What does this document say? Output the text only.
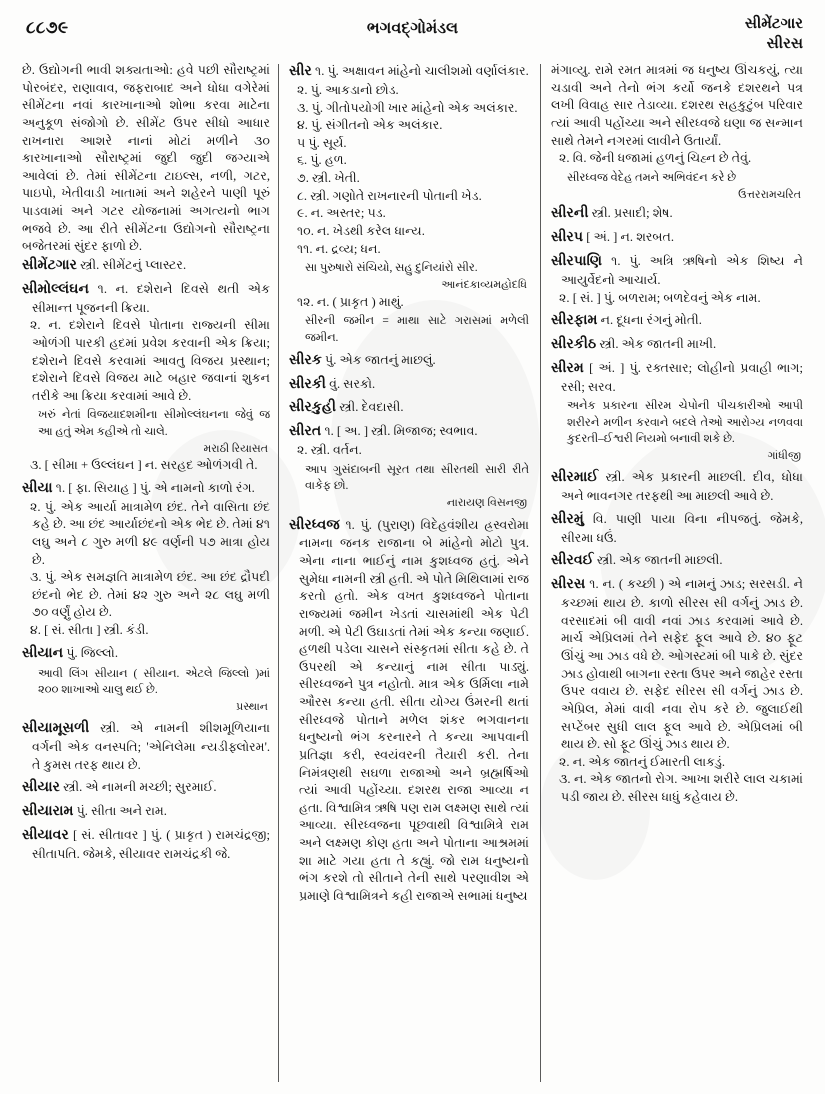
૮૮૭૯	ભગવદ્ગોમંડલ	સીમેંટગાર
સીરસ

છે. ઉદ્યોગની ભાવી શક્યતાઓ: હવે પછી સૌરાષ્ટ્રમાં પોરબંદર, રાણાવાવ, જફરાબાદ અને ધોધા વગેરેમાં સીમેંટના નવાં કારખાનાઓ શોભા કરવા માટેના અનુકૂળ સંજોગો છે. સીમેંટ ઉપર સીધો આધાર રાખનારા આશરે નાનાં મોટાં મળીને ૩૦ કારખાનાઓ સૌરાષ્ટ્રમાં જુદી જુદી જગ્યાએ આવેલાં છે. તેમાં સીમેંટના ટાઇલ્સ, નળી, ગટર, પાઇપો, ખેતીવાડી ખાતામાં અને શહેરને પાણી પૂરું પાડવામાં અને ગટર યોજનામાં અગત્યનો ભાગ ભજવે છે. આ રીતે સીમેંટના ઉદ્યોગનો સૌરાષ્ટ્રના બજેતરમાં સુંદર ફાળો છે.

સીમેંટગાર સ્ત્રી. સીમેંટનું પ્લાસ્ટર.

સીમોલ્લંઘન ૧. ન. દશેરાને દિવસે થતી એક સીમાન્ત પૂજનની ક્રિયા.

૨. ન. દશેરાને દિવસે પોતાના રાજ્યની સીમા ઓળંગી પારકી હદમાં પ્રવેશ કરવાની એક ક્રિયા; દશેરાને દિવસે કરવામાં આવતુ વિજય પ્રસ્થાન; દશેરાને દિવસે વિજય માટે બહાર જવાનાં શુકન તરીકે આ ક્રિયા કરવામાં આવે છે.

ખરું નેતાં વિજયાદશમીના સીમોલ્લંઘનના જેવું જ આ હતું એમ કહીએ તો ચાલે.
મરાઠી રિયાસત

૩. [ સીમા + ઉલ્લંઘન ] ન. સરહદ ઓળંગવી તે.

સીયા ૧. [ ફા. સિયાહ ] પું. એ નામનો કાળો રંગ.

૨. પું. એક આર્યા માત્રામેળ છંદ. તેને વાસિતા છંદ કહે છે. આ છંદ આર્યાછંદનો એક ભેદ છે. તેમાં ૪૧ લઘુ અને ૮ ગુરુ મળી ૪૯ વર્ણની ૫૭ માત્રા હોય છે.

૩. પું. એક સમજ્ઞતિ માત્રામેળ છંદ. આ છંદ દ્રૌપદી છંદનો ભેદ છે. તેમાં ૪૨ ગુરુ અને ૨૮ લઘુ મળી ૭૦ વર્ણું હોય છે.

૪. [ સં. સીતા ] સ્ત્રી. કંડી.

સીયાન પું. જિલ્લો.

આવી લિંગ સીયાન ( સીયાન. એટલે જિલ્લો )માં ૨૦૦ શાખાઓ ચાલુ થઈ છે.
પ્રસ્થાન

સીયામૂસળી સ્ત્રી. એ નામની શીશમૂળિયાના વર્ગની એક વનસ્પતિ; 'એનિલેમા ન્યડીફ્લોરમ'. તે કુમસ તરફ થાય છે.

સીયાર સ્ત્રી. એ નામની મચ્છી; સુરમાઈ.

સીયારામ પું. સીતા અને રામ.

સીયાવર [ સં. સીતાવર ] પું. ( પ્રાકૃત ) રામચંદ્રજી; સીતાપતિ. જેમકે, સીયાવર રામચંદ્રકી જે.

સીર ૧. પું. અક્ષાવન માંહેનો ચાલીશમો વર્ણાલંકાર.

૨. પું. આકડાનો છોડ.

૩. પું. ગીતોપયોગી ખાર માંહેનો એક અલંકાર.

૪. પું. સંગીતનો એક અલંકાર.

૫ પું. સૂર્ય.

૬. પું. હળ.

૭. સ્ત્રી. ખેતી.

૮. સ્ત્રી. ગણોતે રાખનારની પોતાની ખેડ.

૯. ન. અસ્તર; ૫ડ.

૧૦. ન. ખેડથી કરેલ ધાન્ય.

૧૧. ન. દ્રવ્ય; ધન.

સા પુરુષારો સંચિયો, સહુ દુનિયાંરો સીર.
આનંદકાવ્યમહોદધિ

૧૨. ન. ( પ્રાકૃત ) માથું.

સીરની જમીન = માથા સાટે ગરાસમાં મળેલી જમીન.

સીરક પું. એક જાતનું માછલું.

સીરકી વું. સરકો.

સીરકુહી સ્ત્રી. દેવદાસી.

સીરત ૧. [ અ. ] સ્ત્રી. મિજાજ; સ્વભાવ.

૨. સ્ત્રી. વર્તન.

આપ ગુસંદાબની સૂરત તથા સીરતથી સારી રીતે વાકેફ છો.
નારાયણ વિસનજી

સીરધ્વજ ૧. પું. (પુરાણ) વિદેહવંશીય હ્રસ્વરોમા નામના જનક રાજાના બે માંહેનો મોટો પુત્ર. એના નાના ભાઈનું નામ કુશધ્વજ હતું. એને સુમેધા નામની સ્ત્રી હતી. એ પોતે મિથિલામાં રાજ કરતો હતો. એક વખત કુશધ્વજને પોતાના રાજ્યમાં જમીન ખેડતાં ચાસમાંથી એક પેટી મળી. એ પેટી ઉઘાડતાં તેમાં એક કન્યા જણાઈ. હળથી પડેલા ચાસને સંસ્કૃતમાં સીતા કહે છે. તે ઉપરથી એ કન્યાનું નામ સીતા પાડ્યું. સીરધ્વજને પુત્ર નહોતો. માત્ર એક ઉર્મિલા નામે ઔરસ કન્યા હતી. સીતા યોગ્ય ઉંમરની થતાં સીરધ્વજે પોતાને મળેલ શંકર ભગવાનના ધનુષ્યનો ભંગ કરનારને તે કન્યા આપવાની પ્રતિજ્ઞા કરી, સ્વયંવરની તૈયારી કરી. તેના નિમંત્રણથી સઘળા રાજાઓ અને બ્રહ્મર્ષિઓ ત્યાં આવી પહોંચ્યા. દશરથ રાજા આવ્યા ન હતા. વિશ્વામિત્ર ઋષિ પણ રામ લક્ષ્મણ સાથે ત્યાં આવ્યા. સીરધ્વજના પૂછવાથી વિશ્વામિત્રે રામ અને લક્ષ્મણ કોણ હતા અને પોતાના આશ્રમમાં શા માટે ગયા હતા તે કહ્યું. જો રામ ધનુષ્યનો ભંગ કરશે તો સીતાને તેની સાથે પરણાવીશ એ પ્રમાણે વિશ્વામિત્રને કહી રાજાએ સભામાં ધનુષ્ય

મંગાવ્યુ. રામે રમત માત્રમાં જ ધનુષ્ય ઊંચકયું, ત્યા ચડાવી અને તેનો ભંગ કર્યો જનકે દશરથને પત્ર લખી વિવાહ સાર તેડાવ્યા. દશરથ સહકુટુંબ પરિવાર ત્યાં આવી પહોંચ્યા અને સીરધ્વજે ઘણા જ સન્માન સાથે તેમને નગરમાં લાવીને ઉતાર્યાં.

૨. વિ. જેની ધજામાં હળનું ચિહ્ન છે તેવું.

સીરધ્વજ વેદેહ તમને અભિવંદન કરે છે
ઉત્તરરામચરિત

સીરની સ્ત્રી. પ્રસાદી; શેષ.

સીરપ [ અં. ] ન. શરબત.

સીરપાણિ ૧. પું. અત્રિ ઋષિનો એક શિષ્ય ને આયુર્વેદનો આચાર્ય.

૨. [ સં. ] પું. બળરામ; બળદેવનું એક નામ.

સીરફામ ન. દૂધના રંગનું મોતી.

સીરકીઠ સ્ત્રી. એક જાતની માખી.

સીરમ [ અં. ] પું. રક્તસાર; લોહીનો પ્રવાહી ભાગ; રસી; સરવ.

અનેક પ્રકારના સીરમ ચેપોની પીચકારીઓ આપી શરીરને મળીન કરવાને બદલે તેઓ આરોગ્ય નળવવા કુદરતી–ઈશ્વરી નિયમો બનાવી શકે છે.
ગાંધીજી

સીરમાઈ સ્ત્રી. એક પ્રકારની માછલી. દીવ, ધોધા અને ભાવનગર તરફથી આ માછલી આવે છે.

સીરમું વિ. પાણી પાયા વિના નીપજતું. જેમકે, સીરમા ધઉં.

સીરવઈ સ્ત્રી. એક જાતની માછલી.

સીરસ ૧. ન. ( કચ્છી ) એ નામનું ઝાડ; સરસડી. ને કચ્છમાં થાય છે. કાળો સીરસ સી વર્ગનું ઝાડ છે. વરસાદમાં બી વાવી નવાં ઝાડ કરવામાં આવે છે. માર્ચ એપ્રિલમાં તેને સફેદ ફૂલ આવે છે. ૪૦ ફૂટ ઊંચું આ ઝાડ વધે છે. ઓગસ્ટમાં બી પાકે છે. સુંદર ઝાડ હોવાથી બાગના રસ્તા ઉપર અને જાહેર રસ્તા ઉપર વવાય છે. સફેદ સીરસ સી વર્ગનું ઝાડ છે. એપ્રિલ, મેમાં વાવી નવા રોપ કરે છે. જુલાઈથી સપ્ટેંબર સુધી લાલ ફૂલ આવે છે. એપ્રિલમાં બી થાય છે. સો ફૂટ ઊંચું ઝાડ થાય છે.

૨. ન. એક જાતનું ઈમારતી લાકડું.

૩. ન. એક જાતનો રોગ. આખા શરીરે લાલ ચકામાં પડી જાય છે. સીરસ ધાધું કહેવાય છે.
